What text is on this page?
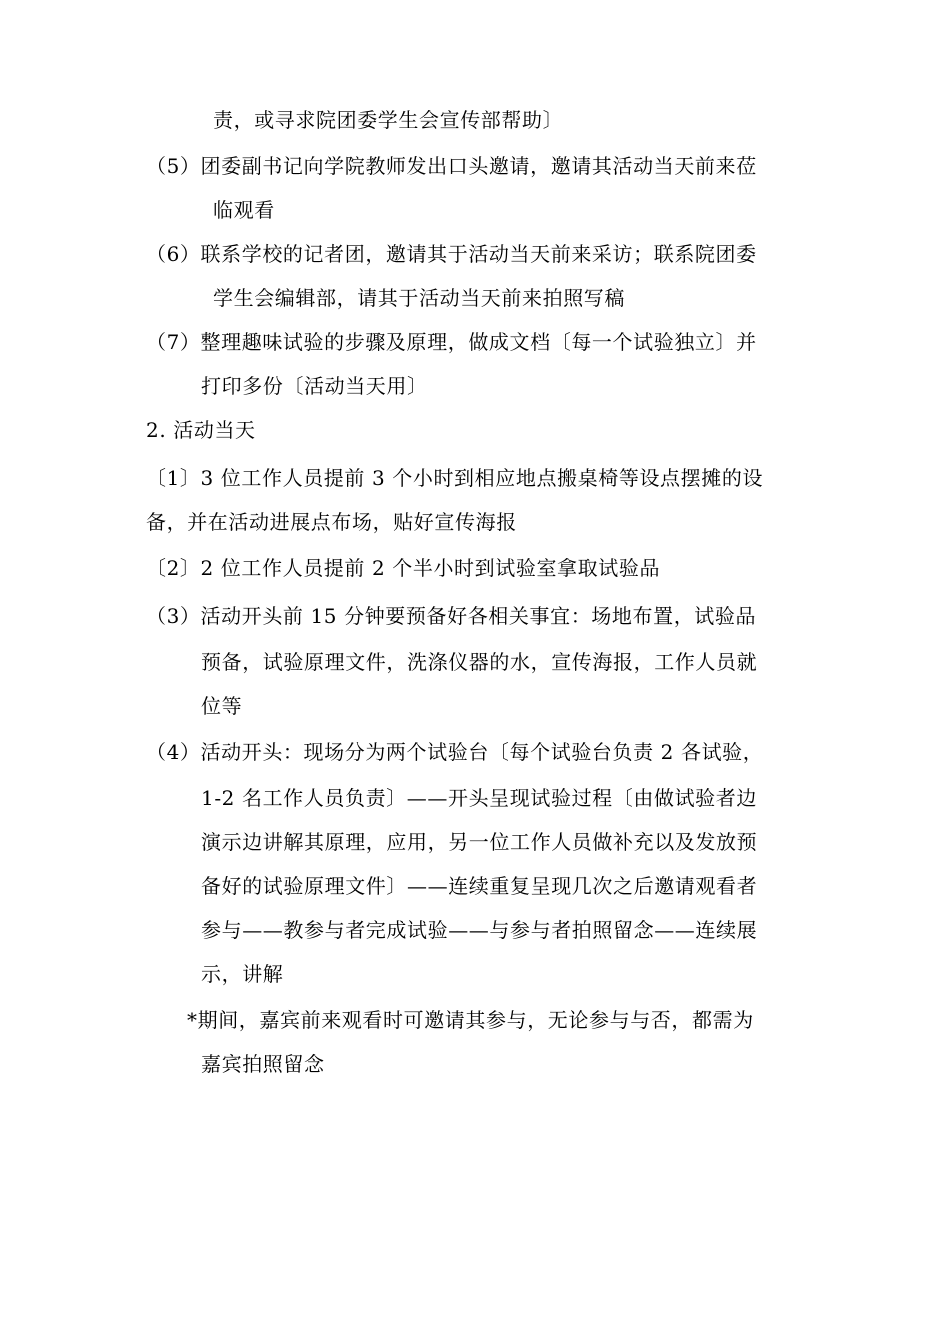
责，或寻求院团委学生会宣传部帮助〕
（5）团委副书记向学院教师发出口头邀请，邀请其活动当天前来莅
临观看
（6）联系学校的记者团，邀请其于活动当天前来采访；联系院团委
学生会编辑部，请其于活动当天前来拍照写稿
（7）整理趣味试验的步骤及原理，做成文档〔每一个试验独立〕并
打印多份〔活动当天用〕
2. 活动当天
〔1〕3 位工作人员提前 3 个小时到相应地点搬桌椅等设点摆摊的设
备，并在活动进展点布场，贴好宣传海报
〔2〕2 位工作人员提前 2 个半小时到试验室拿取试验品
（3）活动开头前 15 分钟要预备好各相关事宜：场地布置，试验品
预备，试验原理文件，洗涤仪器的水，宣传海报，工作人员就
位等
（4）活动开头：现场分为两个试验台〔每个试验台负责 2 各试验，
1-2 名工作人员负责〕——开头呈现试验过程〔由做试验者边
演示边讲解其原理，应用，另一位工作人员做补充以及发放预
备好的试验原理文件〕——连续重复呈现几次之后邀请观看者
参与——教参与者完成试验——与参与者拍照留念——连续展
示，讲解
*期间，嘉宾前来观看时可邀请其参与，无论参与与否，都需为
嘉宾拍照留念
